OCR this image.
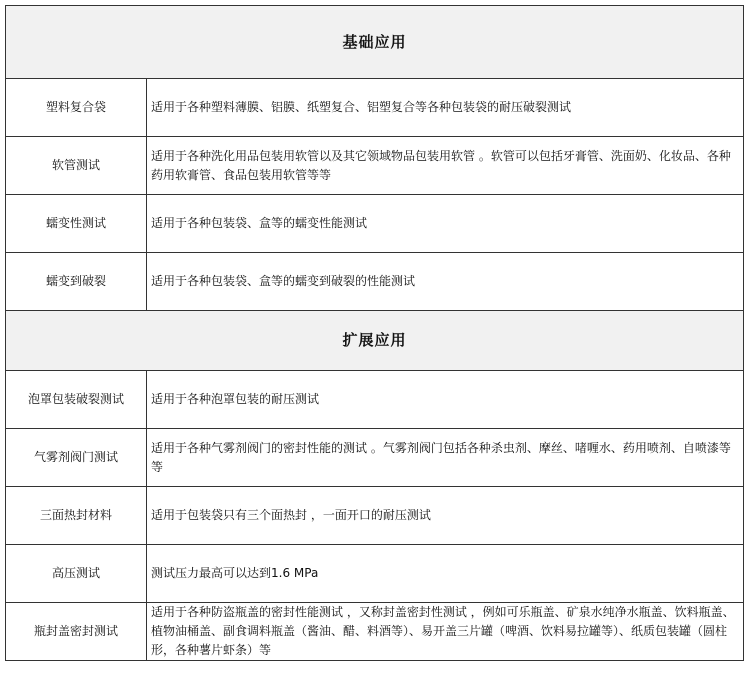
基础应用	
塑料复合袋	适用于各种塑料薄膜、铝膜、纸塑复合、铝塑复合等各种包装袋的耐压破裂测试
软管测试	适用于各种洗化用品包装用软管以及其它领域物品包装用软管 。软管可以包括牙膏管、洗面奶、化妆品、各种药用软膏管、食品包装用软管等等
蠕变性测试	适用于各种包装袋、盒等的蠕变性能测试
蠕变到破裂	适用于各种包装袋、盒等的蠕变到破裂的性能测试
扩展应用	
泡罩包装破裂测试	适用于各种泡罩包装的耐压测试
气雾剂阀门测试	适用于各种气雾剂阀门的密封性能的测试 。气雾剂阀门包括各种杀虫剂、摩丝、啫喱水、药用喷剂、自喷漆等等
三面热封材料	适用于包装袋只有三个面热封 ，一面开口的耐压测试
高压测试	测试压力最高可以达到1.6 MPa
瓶封盖密封测试	适用于各种防盗瓶盖的密封性能测试 ，又称封盖密封性测试 ，例如可乐瓶盖、矿泉水纯净水瓶盖、饮料瓶盖、植物油桶盖、副食调料瓶盖（酱油、醋、料酒等）、易开盖三片罐（啤酒、饮料易拉罐等）、纸质包装罐（圆柱形，各种薯片虾条）等
